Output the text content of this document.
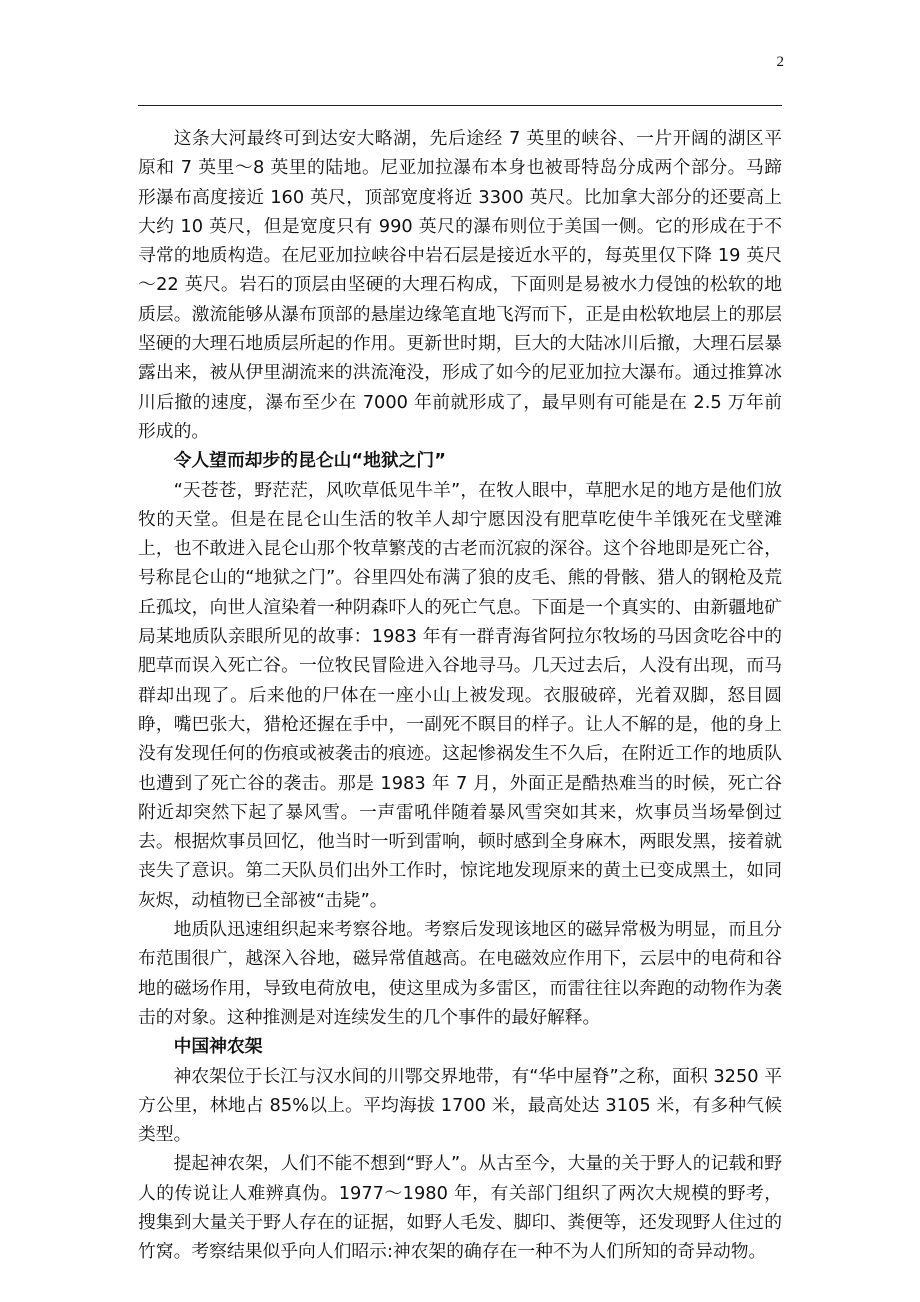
2

这条大河最终可到达安大略湖，先后途经 7 英里的峡谷、一片开阔的湖区平原和 7 英里～8 英里的陆地。尼亚加拉瀑布本身也被哥特岛分成两个部分。马蹄形瀑布高度接近 160 英尺，顶部宽度将近 3300 英尺。比加拿大部分的还要高上大约 10 英尺，但是宽度只有 990 英尺的瀑布则位于美国一侧。它的形成在于不寻常的地质构造。在尼亚加拉峡谷中岩石层是接近水平的，每英里仅下降 19 英尺～22 英尺。岩石的顶层由坚硬的大理石构成，下面则是易被水力侵蚀的松软的地质层。激流能够从瀑布顶部的悬崖边缘笔直地飞泻而下，正是由松软地层上的那层坚硬的大理石地质层所起的作用。更新世时期，巨大的大陆冰川后撤，大理石层暴露出来，被从伊里湖流来的洪流淹没，形成了如今的尼亚加拉大瀑布。通过推算冰川后撤的速度，瀑布至少在 7000 年前就形成了，最早则有可能是在 2.5 万年前形成的。

令人望而却步的昆仑山“地狱之门”

“天苍苍，野茫茫，风吹草低见牛羊”，在牧人眼中，草肥水足的地方是他们放牧的天堂。但是在昆仑山生活的牧羊人却宁愿因没有肥草吃使牛羊饿死在戈壁滩上，也不敢进入昆仑山那个牧草繁茂的古老而沉寂的深谷。这个谷地即是死亡谷，号称昆仑山的“地狱之门”。谷里四处布满了狼的皮毛、熊的骨骸、猎人的钢枪及荒丘孤坟，向世人渲染着一种阴森吓人的死亡气息。下面是一个真实的、由新疆地矿局某地质队亲眼所见的故事：1983 年有一群青海省阿拉尔牧场的马因贪吃谷中的肥草而误入死亡谷。一位牧民冒险进入谷地寻马。几天过去后，人没有出现，而马群却出现了。后来他的尸体在一座小山上被发现。衣服破碎，光着双脚，怒目圆睁，嘴巴张大，猎枪还握在手中，一副死不瞑目的样子。让人不解的是，他的身上没有发现任何的伤痕或被袭击的痕迹。这起惨祸发生不久后，在附近工作的地质队也遭到了死亡谷的袭击。那是 1983 年 7 月，外面正是酷热难当的时候，死亡谷附近却突然下起了暴风雪。一声雷吼伴随着暴风雪突如其来，炊事员当场晕倒过去。根据炊事员回忆，他当时一听到雷响，顿时感到全身麻木，两眼发黑，接着就丧失了意识。第二天队员们出外工作时，惊诧地发现原来的黄土已变成黑土，如同灰烬，动植物已全部被“击毙”。

地质队迅速组织起来考察谷地。考察后发现该地区的磁异常极为明显，而且分布范围很广，越深入谷地，磁异常值越高。在电磁效应作用下，云层中的电荷和谷地的磁场作用，导致电荷放电，使这里成为多雷区，而雷往往以奔跑的动物作为袭击的对象。这种推测是对连续发生的几个事件的最好解释。

中国神农架

神农架位于长江与汉水间的川鄂交界地带，有“华中屋脊”之称，面积 3250 平方公里，林地占 85%以上。平均海拔 1700 米，最高处达 3105 米，有多种气候类型。

提起神农架，人们不能不想到“野人”。从古至今，大量的关于野人的记载和野人的传说让人难辨真伪。1977～1980 年，有关部门组织了两次大规模的野考，搜集到大量关于野人存在的证据，如野人毛发、脚印、粪便等，还发现野人住过的竹窝。考察结果似乎向人们昭示:神农架的确存在一种不为人们所知的奇异动物。
